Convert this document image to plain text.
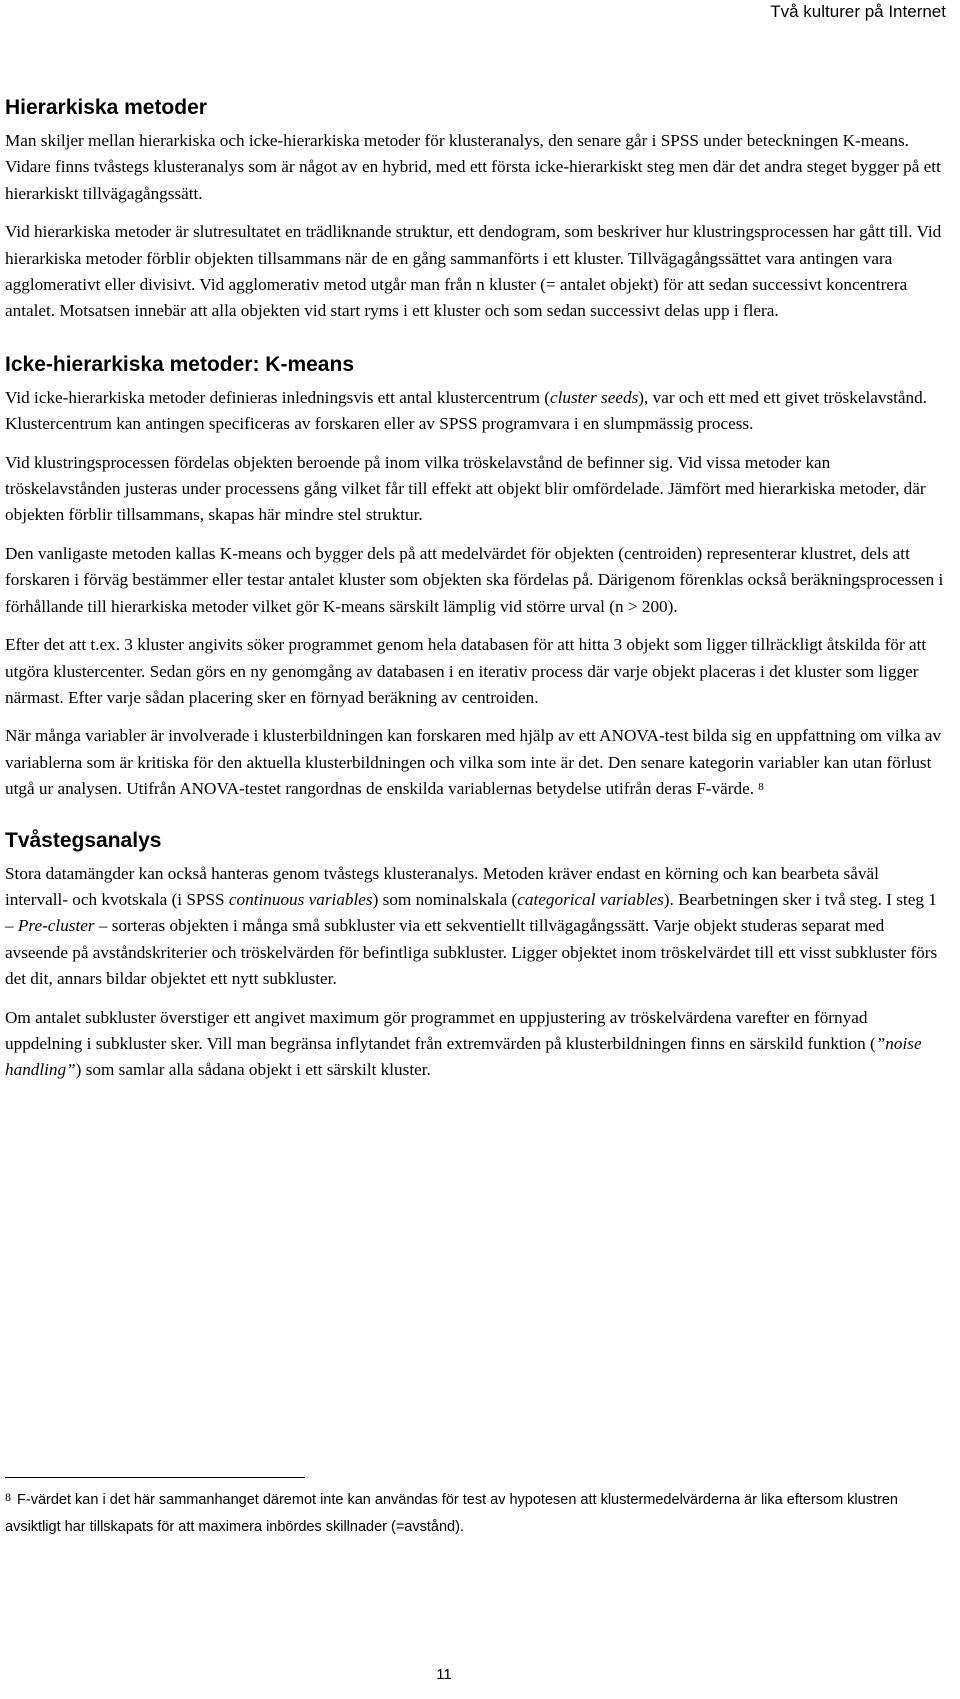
Två kulturer på Internet
Hierarkiska metoder

Man skiljer mellan hierarkiska och icke-hierarkiska metoder för klusteranalys, den senare går i SPSS under beteckningen K-means. Vidare finns tvåstegs klusteranalys som är något av en hybrid, med ett första icke-hierarkiskt steg men där det andra steget bygger på ett hierarkiskt tillvägagångssätt.

Vid hierarkiska metoder är slutresultatet en trädliknande struktur, ett dendogram, som beskriver hur klustringsprocessen har gått till. Vid hierarkiska metoder förblir objekten tillsammans när de en gång sammanförts i ett kluster. Tillvägagångssättet vara antingen vara agglomerativt eller divisivt. Vid agglomerativ metod utgår man från n kluster (= antalet objekt) för att sedan successivt koncentrera antalet. Motsatsen innebär att alla objekten vid start ryms i ett kluster och som sedan successivt delas upp i flera.

Icke-hierarkiska metoder: K-means

Vid icke-hierarkiska metoder definieras inledningsvis ett antal klustercentrum (cluster seeds), var och ett med ett givet tröskelavstånd. Klustercentrum kan antingen specificeras av forskaren eller av SPSS programvara i en slumpmässig process.

Vid klustringsprocessen fördelas objekten beroende på inom vilka tröskelavstånd de befinner sig. Vid vissa metoder kan tröskelavstånden justeras under processens gång vilket får till effekt att objekt blir omfördelade. Jämfört med hierarkiska metoder, där objekten förblir tillsammans, skapas här mindre stel struktur.

Den vanligaste metoden kallas K-means och bygger dels på att medelvärdet för objekten (centroiden) representerar klustret, dels att forskaren i förväg bestämmer eller testar antalet kluster som objekten ska fördelas på. Därigenom förenklas också beräkningsprocessen i förhållande till hierarkiska metoder vilket gör K-means särskilt lämplig vid större urval (n > 200).

Efter det att t.ex. 3 kluster angivits söker programmet genom hela databasen för att hitta 3 objekt som ligger tillräckligt åtskilda för att utgöra klustercenter. Sedan görs en ny genomgång av databasen i en iterativ process där varje objekt placeras i det kluster som ligger närmast. Efter varje sådan placering sker en förnyad beräkning av centroiden.

När många variabler är involverade i klusterbildningen kan forskaren med hjälp av ett ANOVA-test bilda sig en uppfattning om vilka av variablerna som är kritiska för den aktuella klusterbildningen och vilka som inte är det. Den senare kategorin variabler kan utan förlust utgå ur analysen. Utifrån ANOVA-testet rangordnas de enskilda variablernas betydelse utifrån deras F-värde. $^8$

Tvåstegsanalys

Stora datamängder kan också hanteras genom tvåstegs klusteranalys. Metoden kräver endast en körning och kan bearbeta såväl intervall- och kvotskala (i SPSS continuous variables) som nominalskala (categorical variables). Bearbetningen sker i två steg. I steg 1 – Pre-cluster – sorteras objekten i många små subkluster via ett sekventiellt tillvägagångssätt. Varje objekt studeras separat med avseende på avståndskriterier och tröskelvärden för befintliga subkluster. Ligger objektet inom tröskelvärdet till ett visst subkluster förs det dit, annars bildar objektet ett nytt subkluster.

Om antalet subkluster överstiger ett angivet maximum gör programmet en uppjustering av tröskelvärdena varefter en förnyad uppdelning i subkluster sker. Vill man begränsa inflytandet från extremvärden på klusterbildningen finns en särskild funktion (”noise handling”) som samlar alla sådana objekt i ett särskilt kluster.

$^8$ F-värdet kan i det här sammanhanget däremot inte kan användas för test av hypotesen att klustermedelvärderna är lika eftersom klustren avsiktligt har tillskapats för att maximera inbördes skillnader (=avstånd).
11
